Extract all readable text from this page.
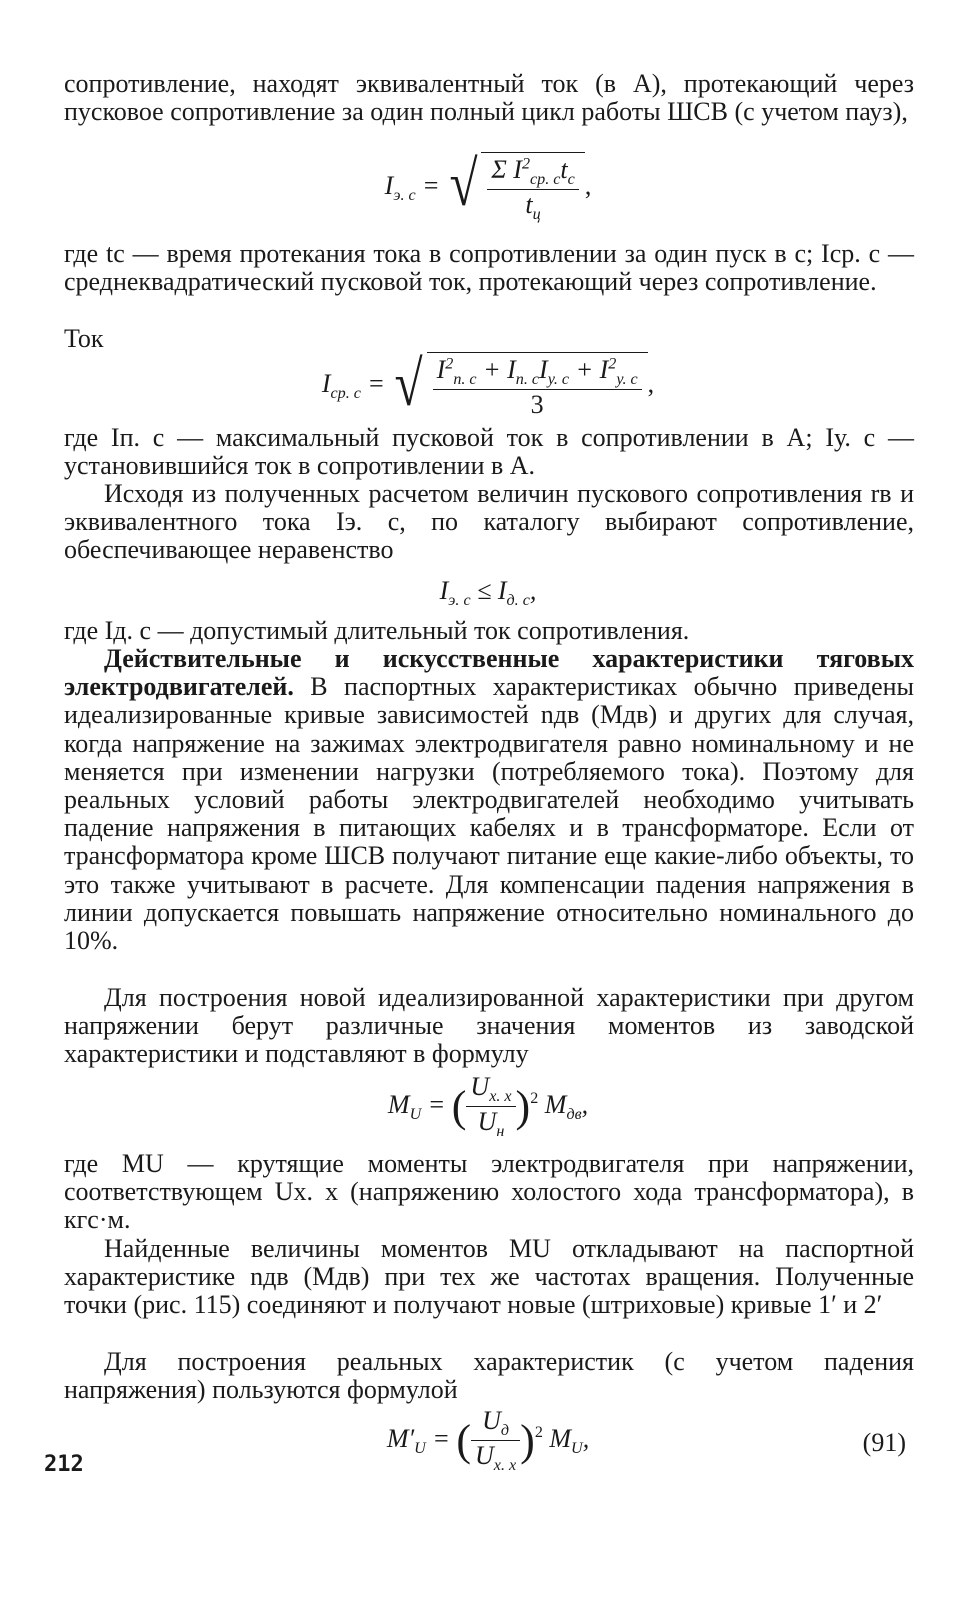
сопротивление, находят эквивалентный ток (в А), протекающий через пусковое сопротивление за один полный цикл работы ШСВ (с учетом пауз),

$I_{э. с}$ = √ $\frac{\Sigma I^2_{ср. с}t_с}{t_ц}$ ,

где tс — время протекания тока в сопротивлении за один пуск в с; Iср. с — среднеквадратический пусковой ток, протекающий через сопротивление.

Ток

$I_{ср. с}$ = √ $\frac{I^2_{п. с} + I_{п. с}I_{у. с} + I^2_{у. с}}{3}$ ,

где Iп. с — максимальный пусковой ток в сопротивлении в А; Iу. с — установившийся ток в сопротивлении в А.

Исходя из полученных расчетом величин пускового сопротивления rв и эквивалентного тока Iэ. с, по каталогу выбирают сопротивление, обеспечивающее неравенство

$I_{э. с} \le I_{д. с}$,

где Iд. с — допустимый длительный ток сопротивления.

Действительные и искусственные характеристики тяговых электродвигателей. В паспортных характеристиках обычно приведены идеализированные кривые зависимостей nдв (Mдв) и других для случая, когда напряжение на зажимах электродвигателя равно номинальному и не меняется при изменении нагрузки (потребляемого тока). Поэтому для реальных условий работы электродвигателей необходимо учитывать падение напряжения в питающих кабелях и в трансформаторе. Если от трансформатора кроме ШСВ получают питание еще какие-либо объекты, то это также учитывают в расчете. Для компенсации падения напряжения в линии допускается повышать напряжение относительно номинального до 10%.

Для построения новой идеализированной характеристики при другом напряжении берут различные значения моментов из заводской характеристики и подставляют в формулу

$M_U$ = ( $\frac{U_{х. х}}{U_н} )^2$ $M_{дв}$,

где MU — крутящие моменты электродвигателя при напряжении, соответствующем Uх. х (напряжению холостого хода трансформатора), в кгс·м.

Найденные величины моментов MU откладывают на паспортной характеристике nдв (Mдв) при тех же частотах вращения. Полученные точки (рис. 115) соединяют и получают новые (штриховые) кривые 1′ и 2′

Для построения реальных характеристик (с учетом падения напряжения) пользуются формулой

$M'_U$ = ( $\frac{U_д}{U_{х. х}} )^2$ $M_U$,	(91)
212
